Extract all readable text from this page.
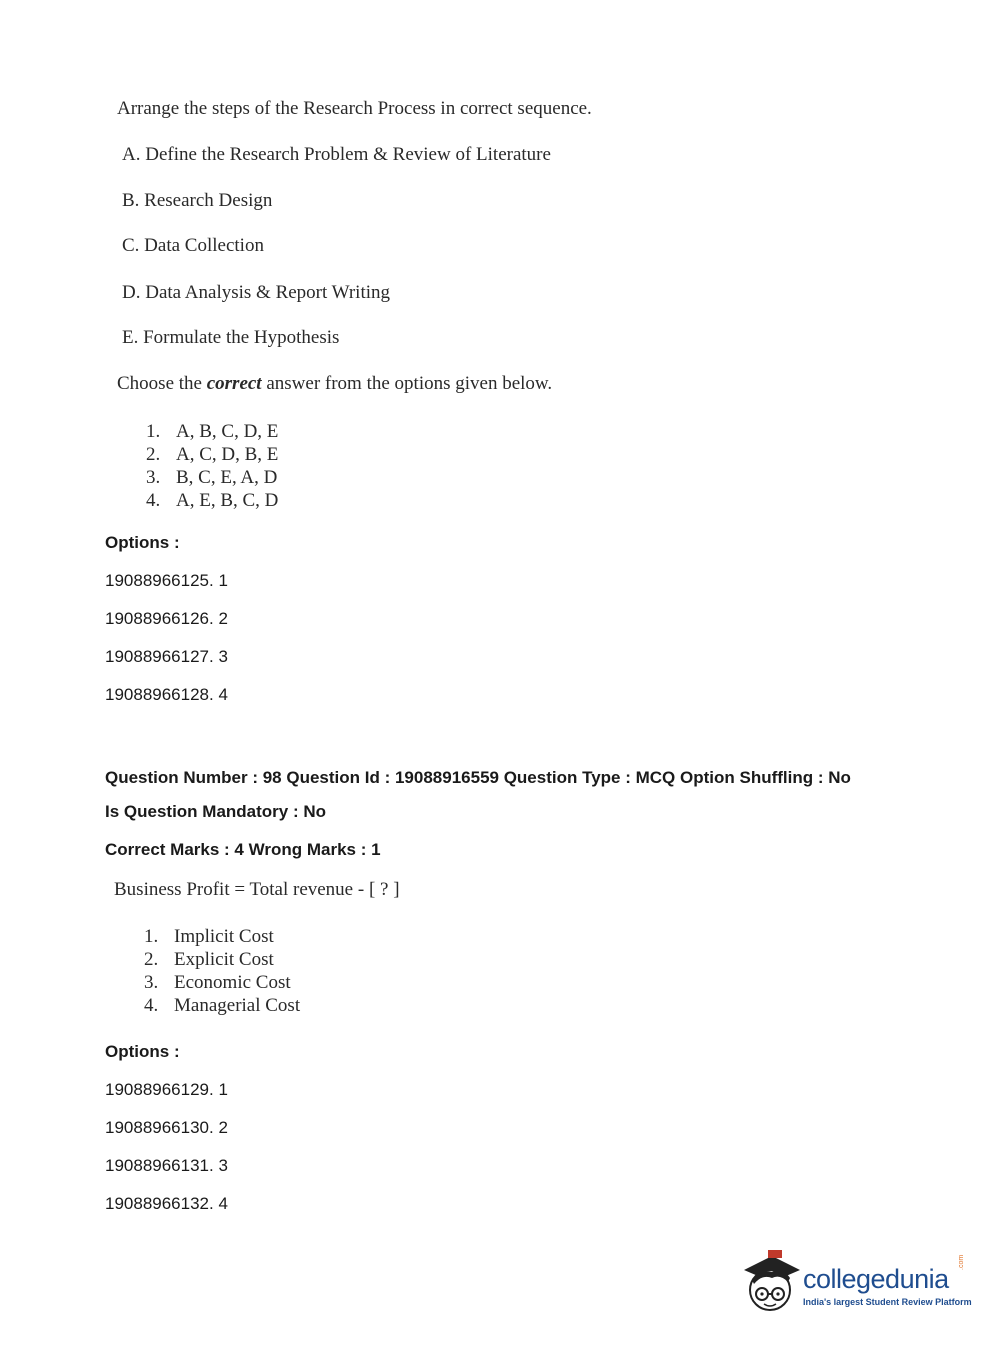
Arrange the steps of the Research Process in correct sequence.
A. Define the Research Problem & Review of Literature
B. Research Design
C. Data Collection
D. Data Analysis & Report Writing
E. Formulate the Hypothesis
Choose the correct answer from the options given below.
1. A, B, C, D, E
2. A, C, D, B, E
3. B, C, E, A, D
4. A, E, B, C, D
Options :
19088966125. 1
19088966126. 2
19088966127. 3
19088966128. 4
Question Number : 98 Question Id : 19088916559 Question Type : MCQ Option Shuffling : No
Is Question Mandatory : No
Correct Marks : 4 Wrong Marks : 1
Business Profit = Total revenue - [ ? ]
1. Implicit Cost
2. Explicit Cost
3. Economic Cost
4. Managerial Cost
Options :
19088966129. 1
19088966130. 2
19088966131. 3
19088966132. 4
collegedunia
.com
India's largest Student Review Platform
